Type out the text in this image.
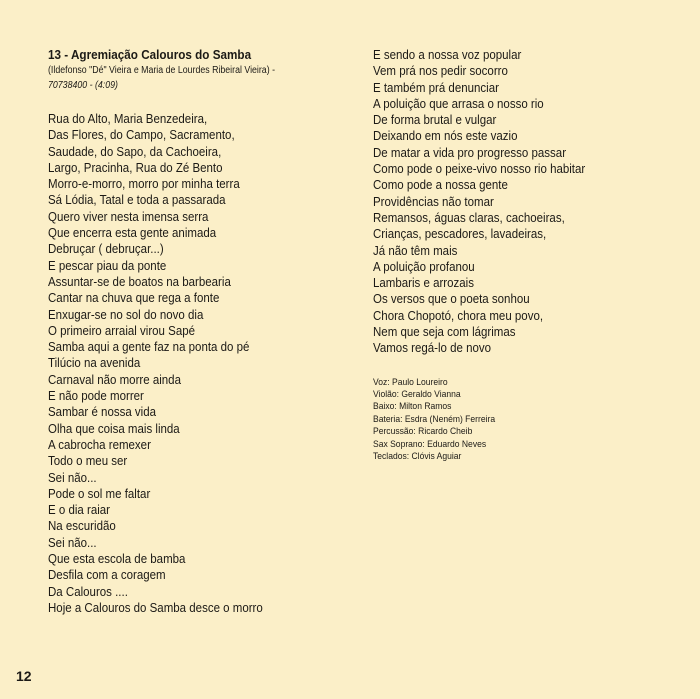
13 - Agremiação Calouros do Samba
(Ildefonso "Dé" Vieira e Maria de Lourdes Ribeiral Vieira) -
70738400 - (4:09)
Rua do Alto, Maria Benzedeira,
Das Flores, do Campo, Sacramento,
Saudade, do Sapo, da Cachoeira,
Largo, Pracinha, Rua do Zé Bento
Morro-e-morro, morro por minha terra
Sá Lódia, Tatal e toda a passarada
Quero viver nesta imensa serra
Que encerra esta gente animada
Debruçar ( debruçar...)
E pescar piau da ponte
Assuntar-se de boatos na barbearia
Cantar na chuva que rega a fonte
Enxugar-se no sol do novo dia
O primeiro arraial virou Sapé
Samba aqui a gente faz na ponta do pé
Tilúcio na avenida
Carnaval não morre ainda
E não pode morrer
Sambar é nossa vida
Olha que coisa mais linda
A cabrocha remexer
Todo o meu ser
Sei não...
Pode o sol me faltar
E o dia raiar
Na escuridão
Sei não...
Que esta escola de bamba
Desfila com a coragem
Da Calouros ....
Hoje a Calouros do Samba desce o morro
E sendo a nossa voz popular
Vem prá nos pedir socorro
E também prá denunciar
A poluição que arrasa o nosso rio
De forma brutal e vulgar
Deixando em nós este vazio
De matar a vida pro progresso passar
Como pode o peixe-vivo nosso rio habitar
Como pode a nossa gente
Providências não tomar
Remansos, águas claras, cachoeiras,
Crianças, pescadores, lavadeiras,
Já não têm mais
A poluição profanou
Lambaris e arrozais
Os versos que o poeta sonhou
Chora Chopotó, chora meu povo,
Nem que seja com lágrimas
Vamos regá-lo de novo
Voz: Paulo Loureiro
Violão: Geraldo Vianna
Baixo: Milton Ramos
Bateria: Esdra (Neném) Ferreira
Percussão: Ricardo Cheib
Sax Soprano: Eduardo Neves
Teclados: Clóvis Aguiar
12
